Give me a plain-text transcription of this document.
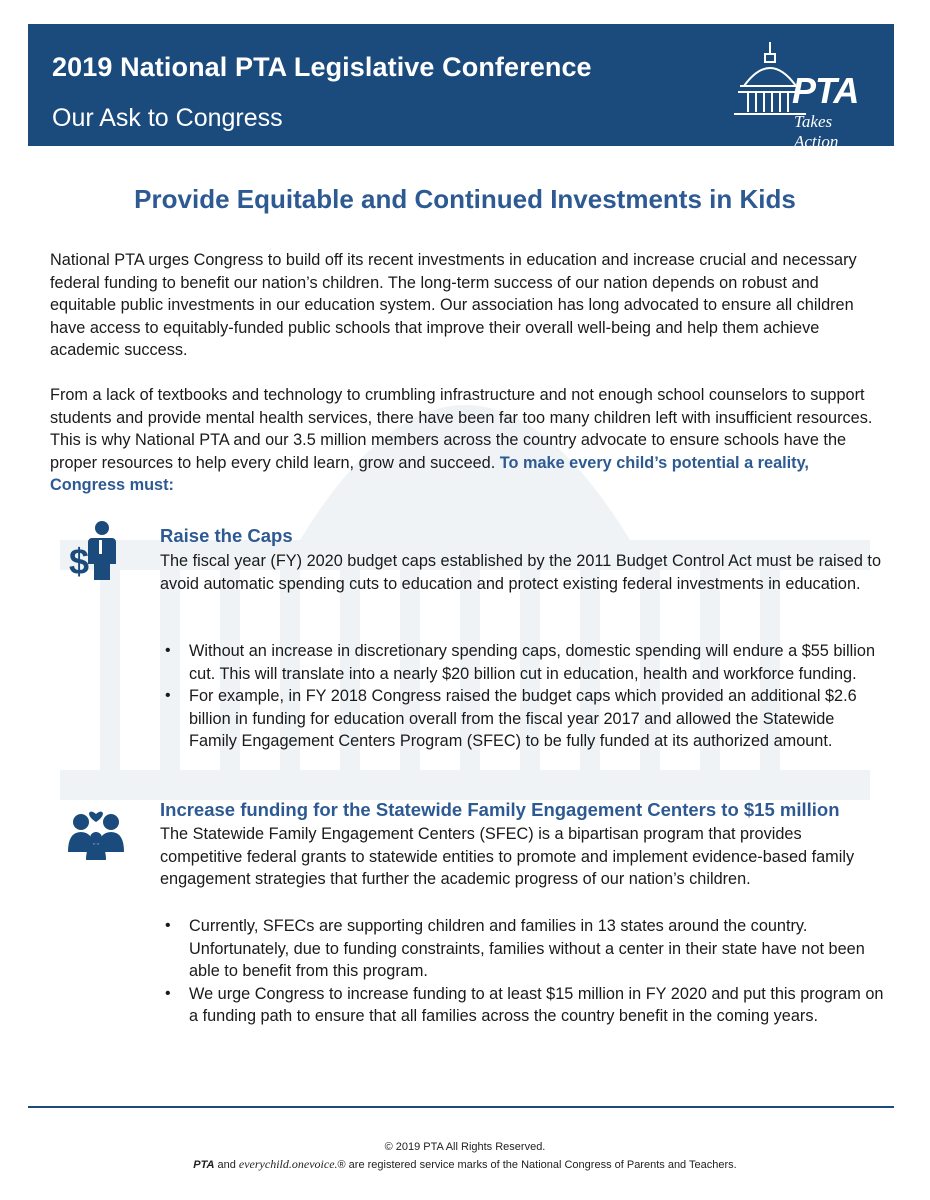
2019 National PTA Legislative Conference
Our Ask to Congress
PTA
Takes Action
Provide Equitable and Continued Investments in Kids

National PTA urges Congress to build off its recent investments in education and increase crucial and necessary federal funding to benefit our nation’s children. The long-term success of our nation depends on robust and equitable public investments in our education system. Our association has long advocated to ensure all children have access to equitably-funded public schools that improve their overall well-being and help them achieve academic success.

From a lack of textbooks and technology to crumbling infrastructure and not enough school counselors to support students and provide mental health services, there have been far too many children left with insufficient resources. This is why National PTA and our 3.5 million members across the country advocate to ensure schools have the proper resources to help every child learn, grow and succeed. To make every child’s potential a reality, Congress must:

$
Raise the Caps

The fiscal year (FY) 2020 budget caps established by the 2011 Budget Control Act must be raised to avoid automatic spending cuts to education and protect existing federal investments in education.

• Without an increase in discretionary spending caps, domestic spending will endure a $55 billion cut. This will translate into a nearly $20 billion cut in education, health and workforce funding.
• For example, in FY 2018 Congress raised the budget caps which provided an additional $2.6 billion in funding for education overall from the fiscal year 2017 and allowed the Statewide Family Engagement Centers Program (SFEC) to be fully funded at its authorized amount.
Increase funding for the Statewide Family Engagement Centers to $15 million

The Statewide Family Engagement Centers (SFEC) is a bipartisan program that provides competitive federal grants to statewide entities to promote and implement evidence-based family engagement strategies that further the academic progress of our nation’s children.

• Currently, SFECs are supporting children and families in 13 states around the country. Unfortunately, due to funding constraints, families without a center in their state have not been able to benefit from this program.
• We urge Congress to increase funding to at least $15 million in FY 2020 and put this program on a funding path to ensure that all families across the country benefit in the coming years.
© 2019 PTA All Rights Reserved.
PTA and everychild.onevoice.® are registered service marks of the National Congress of Parents and Teachers.
